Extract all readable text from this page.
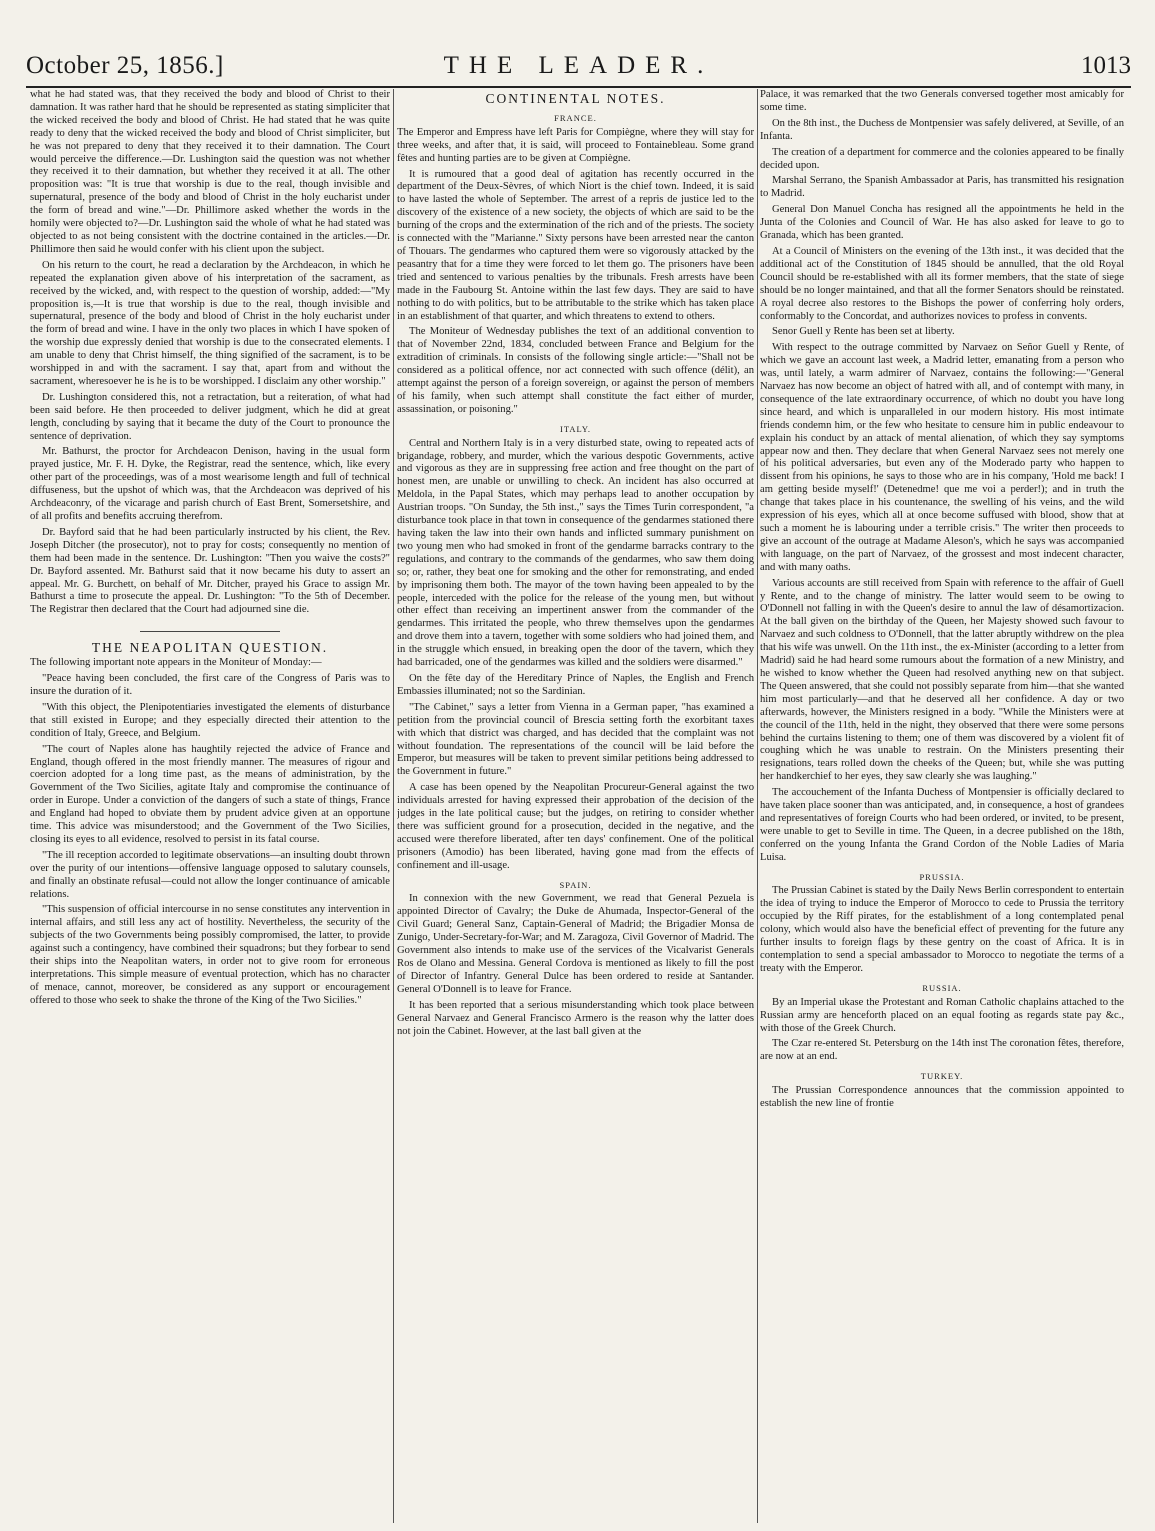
October 25, 1856.]	THE LEADER.	1013

what he had stated was, that they received the body and blood of Christ to their damnation. It was rather hard that he should be represented as stating simpliciter that the wicked received the body and blood of Christ. He had stated that he was quite ready to deny that the wicked received the body and blood of Christ simpliciter, but he was not prepared to deny that they received it to their damnation. The Court would perceive the difference.—Dr. Lushington said the question was not whether they received it to their damnation, but whether they received it at all. The other proposition was: "It is true that worship is due to the real, though invisible and supernatural, presence of the body and blood of Christ in the holy eucharist under the form of bread and wine."—Dr. Phillimore asked whether the words in the homily were objected to?—Dr. Lushington said the whole of what he had stated was objected to as not being consistent with the doctrine contained in the articles.—Dr. Phillimore then said he would confer with his client upon the subject.

On his return to the court, he read a declaration by the Archdeacon, in which he repeated the explanation given above of his interpretation of the sacrament, as received by the wicked, and, with respect to the question of worship, added:—"My proposition is,—It is true that worship is due to the real, though invisible and supernatural, presence of the body and blood of Christ in the holy eucharist under the form of bread and wine. I have in the only two places in which I have spoken of the worship due expressly denied that worship is due to the consecrated elements. I am unable to deny that Christ himself, the thing signified of the sacrament, is to be worshipped in and with the sacrament. I say that, apart from and without the sacrament, wheresoever he is he is to be worshipped. I disclaim any other worship."

Dr. Lushington considered this, not a retractation, but a reiteration, of what had been said before. He then proceeded to deliver judgment, which he did at great length, concluding by saying that it became the duty of the Court to pronounce the sentence of deprivation.

Mr. Bathurst, the proctor for Archdeacon Denison, having in the usual form prayed justice, Mr. F. H. Dyke, the Registrar, read the sentence, which, like every other part of the proceedings, was of a most wearisome length and full of technical diffuseness, but the upshot of which was, that the Archdeacon was deprived of his Archdeaconry, of the vicarage and parish church of East Brent, Somersetshire, and of all profits and benefits accruing therefrom.

Dr. Bayford said that he had been particularly instructed by his client, the Rev. Joseph Ditcher (the prosecutor), not to pray for costs; consequently no mention of them had been made in the sentence. Dr. Lushington: "Then you waive the costs?" Dr. Bayford assented. Mr. Bathurst said that it now became his duty to assert an appeal. Mr. G. Burchett, on behalf of Mr. Ditcher, prayed his Grace to assign Mr. Bathurst a time to prosecute the appeal. Dr. Lushington: "To the 5th of December. The Registrar then declared that the Court had adjourned sine die.

THE NEAPOLITAN QUESTION.

The following important note appears in the Moniteur of Monday:—

"Peace having been concluded, the first care of the Congress of Paris was to insure the duration of it.

"With this object, the Plenipotentiaries investigated the elements of disturbance that still existed in Europe; and they especially directed their attention to the condition of Italy, Greece, and Belgium.

"The court of Naples alone has haughtily rejected the advice of France and England, though offered in the most friendly manner. The measures of rigour and coercion adopted for a long time past, as the means of administration, by the Government of the Two Sicilies, agitate Italy and compromise the continuance of order in Europe. Under a conviction of the dangers of such a state of things, France and England had hoped to obviate them by prudent advice given at an opportune time. This advice was misunderstood; and the Government of the Two Sicilies, closing its eyes to all evidence, resolved to persist in its fatal course.

"The ill reception accorded to legitimate observations—an insulting doubt thrown over the purity of our intentions—offensive language opposed to salutary counsels, and finally an obstinate refusal—could not allow the longer continuance of amicable relations.

"This suspension of official intercourse in no sense constitutes any intervention in internal affairs, and still less any act of hostility. Nevertheless, the security of the subjects of the two Governments being possibly compromised, the latter, to provide against such a contingency, have combined their squadrons; but they forbear to send their ships into the Neapolitan waters, in order not to give room for erroneous interpretations. This simple measure of eventual protection, which has no character of menace, cannot, moreover, be considered as any support or encouragement offered to those who seek to shake the throne of the King of the Two Sicilies."

CONTINENTAL NOTES.
FRANCE.

The Emperor and Empress have left Paris for Compiègne, where they will stay for three weeks, and after that, it is said, will proceed to Fontainebleau. Some grand fêtes and hunting parties are to be given at Compiègne.

It is rumoured that a good deal of agitation has recently occurred in the department of the Deux-Sèvres, of which Niort is the chief town. Indeed, it is said to have lasted the whole of September. The arrest of a repris de justice led to the discovery of the existence of a new society, the objects of which are said to be the burning of the crops and the extermination of the rich and of the priests. The society is connected with the "Marianne." Sixty persons have been arrested near the canton of Thouars. The gendarmes who captured them were so vigorously attacked by the peasantry that for a time they were forced to let them go. The prisoners have been tried and sentenced to various penalties by the tribunals. Fresh arrests have been made in the Faubourg St. Antoine within the last few days. They are said to have nothing to do with politics, but to be attributable to the strike which has taken place in an establishment of that quarter, and which threatens to extend to others.

The Moniteur of Wednesday publishes the text of an additional convention to that of November 22nd, 1834, concluded between France and Belgium for the extradition of criminals. In consists of the following single article:—"Shall not be considered as a political offence, nor act connected with such offence (délit), an attempt against the person of a foreign sovereign, or against the person of members of his family, when such attempt shall constitute the fact either of murder, assassination, or poisoning."

ITALY.

Central and Northern Italy is in a very disturbed state, owing to repeated acts of brigandage, robbery, and murder, which the various despotic Governments, active and vigorous as they are in suppressing free action and free thought on the part of honest men, are unable or unwilling to check. An incident has also occurred at Meldola, in the Papal States, which may perhaps lead to another occupation by Austrian troops. "On Sunday, the 5th inst.," says the Times Turin correspondent, "a disturbance took place in that town in consequence of the gendarmes stationed there having taken the law into their own hands and inflicted summary punishment on two young men who had smoked in front of the gendarme barracks contrary to the regulations, and contrary to the commands of the gendarmes, who saw them doing so; or, rather, they beat one for smoking and the other for remonstrating, and ended by imprisoning them both. The mayor of the town having been appealed to by the people, interceded with the police for the release of the young men, but without other effect than receiving an impertinent answer from the commander of the gendarmes. This irritated the people, who threw themselves upon the gendarmes and drove them into a tavern, together with some soldiers who had joined them, and in the struggle which ensued, in breaking open the door of the tavern, which they had barricaded, one of the gendarmes was killed and the soldiers were disarmed."

On the fête day of the Hereditary Prince of Naples, the English and French Embassies illuminated; not so the Sardinian.

"The Cabinet," says a letter from Vienna in a German paper, "has examined a petition from the provincial council of Brescia setting forth the exorbitant taxes with which that district was charged, and has decided that the complaint was not without foundation. The representations of the council will be laid before the Emperor, but measures will be taken to prevent similar petitions being addressed to the Government in future."

A case has been opened by the Neapolitan Procureur-General against the two individuals arrested for having expressed their approbation of the decision of the judges in the late political cause; but the judges, on retiring to consider whether there was sufficient ground for a prosecution, decided in the negative, and the accused were therefore liberated, after ten days' confinement. One of the political prisoners (Amodio) has been liberated, having gone mad from the effects of confinement and ill-usage.

SPAIN.

In connexion with the new Government, we read that General Pezuela is appointed Director of Cavalry; the Duke de Ahumada, Inspector-General of the Civil Guard; General Sanz, Captain-General of Madrid; the Brigadier Monsa de Zunigo, Under-Secretary-for-War; and M. Zaragoza, Civil Governor of Madrid. The Government also intends to make use of the services of the Vicalvarist Generals Ros de Olano and Messina. General Cordova is mentioned as likely to fill the post of Director of Infantry. General Dulce has been ordered to reside at Santander. General O'Donnell is to leave for France.

It has been reported that a serious misunderstanding which took place between General Narvaez and General Francisco Armero is the reason why the latter does not join the Cabinet. However, at the last ball given at the

Palace, it was remarked that the two Generals conversed together most amicably for some time.

On the 8th inst., the Duchess de Montpensier was safely delivered, at Seville, of an Infanta.

The creation of a department for commerce and the colonies appeared to be finally decided upon.

Marshal Serrano, the Spanish Ambassador at Paris, has transmitted his resignation to Madrid.

General Don Manuel Concha has resigned all the appointments he held in the Junta of the Colonies and Council of War. He has also asked for leave to go to Granada, which has been granted.

At a Council of Ministers on the evening of the 13th inst., it was decided that the additional act of the Constitution of 1845 should be annulled, that the old Royal Council should be re-established with all its former members, that the state of siege should be no longer maintained, and that all the former Senators should be reinstated. A royal decree also restores to the Bishops the power of conferring holy orders, conformably to the Concordat, and authorizes novices to profess in convents.

Senor Guell y Rente has been set at liberty.

With respect to the outrage committed by Narvaez on Señor Guell y Rente, of which we gave an account last week, a Madrid letter, emanating from a person who was, until lately, a warm admirer of Narvaez, contains the following:—"General Narvaez has now become an object of hatred with all, and of contempt with many, in consequence of the late extraordinary occurrence, of which no doubt you have long since heard, and which is unparalleled in our modern history. His most intimate friends condemn him, or the few who hesitate to censure him in public endeavour to explain his conduct by an attack of mental alienation, of which they say symptoms appear now and then. They declare that when General Narvaez sees not merely one of his political adversaries, but even any of the Moderado party who happen to dissent from his opinions, he says to those who are in his company, 'Hold me back! I am getting beside myself!' (Detenedme! que me voi a perder!); and in truth the change that takes place in his countenance, the swelling of his veins, and the wild expression of his eyes, which all at once become suffused with blood, show that at such a moment he is labouring under a terrible crisis." The writer then proceeds to give an account of the outrage at Madame Aleson's, which he says was accompanied with language, on the part of Narvaez, of the grossest and most indecent character, and with many oaths.

Various accounts are still received from Spain with reference to the affair of Guell y Rente, and to the change of ministry. The latter would seem to be owing to O'Donnell not falling in with the Queen's desire to annul the law of désamortizacion. At the ball given on the birthday of the Queen, her Majesty showed such favour to Narvaez and such coldness to O'Donnell, that the latter abruptly withdrew on the plea that his wife was unwell. On the 11th inst., the ex-Minister (according to a letter from Madrid) said he had heard some rumours about the formation of a new Ministry, and he wished to know whether the Queen had resolved anything new on that subject. The Queen answered, that she could not possibly separate from him—that she wanted him most particularly—and that he deserved all her confidence. A day or two afterwards, however, the Ministers resigned in a body. "While the Ministers were at the council of the 11th, held in the night, they observed that there were some persons behind the curtains listening to them; one of them was discovered by a violent fit of coughing which he was unable to restrain. On the Ministers presenting their resignations, tears rolled down the cheeks of the Queen; but, while she was putting her handkerchief to her eyes, they saw clearly she was laughing."

The accouchement of the Infanta Duchess of Montpensier is officially declared to have taken place sooner than was anticipated, and, in consequence, a host of grandees and representatives of foreign Courts who had been ordered, or invited, to be present, were unable to get to Seville in time. The Queen, in a decree published on the 18th, conferred on the young Infanta the Grand Cordon of the Noble Ladies of Maria Luisa.

PRUSSIA.

The Prussian Cabinet is stated by the Daily News Berlin correspondent to entertain the idea of trying to induce the Emperor of Morocco to cede to Prussia the territory occupied by the Riff pirates, for the establishment of a long contemplated penal colony, which would also have the beneficial effect of preventing for the future any further insults to foreign flags by these gentry on the coast of Africa. It is in contemplation to send a special ambassador to Morocco to negotiate the terms of a treaty with the Emperor.

RUSSIA.

By an Imperial ukase the Protestant and Roman Catholic chaplains attached to the Russian army are henceforth placed on an equal footing as regards state pay &c., with those of the Greek Church.

The Czar re-entered St. Petersburg on the 14th inst The coronation fêtes, therefore, are now at an end.

TURKEY.

The Prussian Correspondence announces that the commission appointed to establish the new line of frontie
